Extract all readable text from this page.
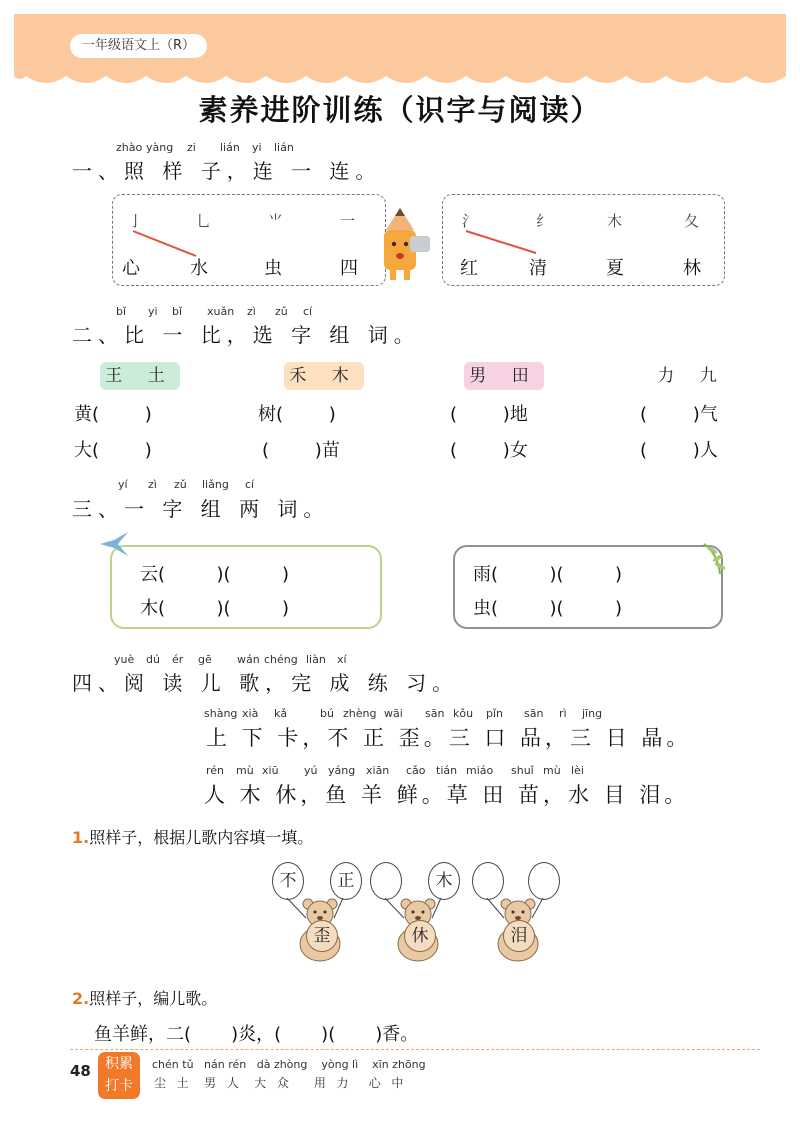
一年级语文上（R）
素养进阶训练（识字与阅读）
zhào yàng zi lián yi lián
一、照 样 子，连 一 连。
亅	乚	⺌	一
心	水	虫	四
氵	纟	木	夂
红	清	夏	林
bǐ yi bǐ xuǎn zì zǔ cí
二、比 一 比，选 字 组 词。
王 土	禾 木	男 田	力 九
黄(        )	树(        )	(        )地	(        )气
大(        )	(        )苗	(        )女	(        )人
yí zì zǔ liǎng cí
三、一 字 组 两 词。
云(         )(         )
木(         )(         )
雨(         )(         )
虫(         )(         )
yuè dú ér gē wán chéng liàn xí
四、阅 读 儿 歌，完 成 练 习。
shàng xià kǎ	bú zhèng wāi sān kǒu pǐn sān rì jīng
上 下 卡，不 正 歪。三 口 品，三 日 晶。
rén mù xiū yú yáng xiān cǎo tián miáo shuǐ mù lèi
人 木 休，鱼 羊 鲜。草 田 苗，水 目 泪。
1.照样子，根据儿歌内容填一填。
不	正
歪
木
休	泪
2.照样子，编儿歌。
鱼羊鲜，二(       )炎，(       )(       )香。
48	积累
打卡
chén tǔ   nán rén   dà zhòng    yòng lì    xīn zhōng
尘  土   男  人   大  众     用  力    心  中
